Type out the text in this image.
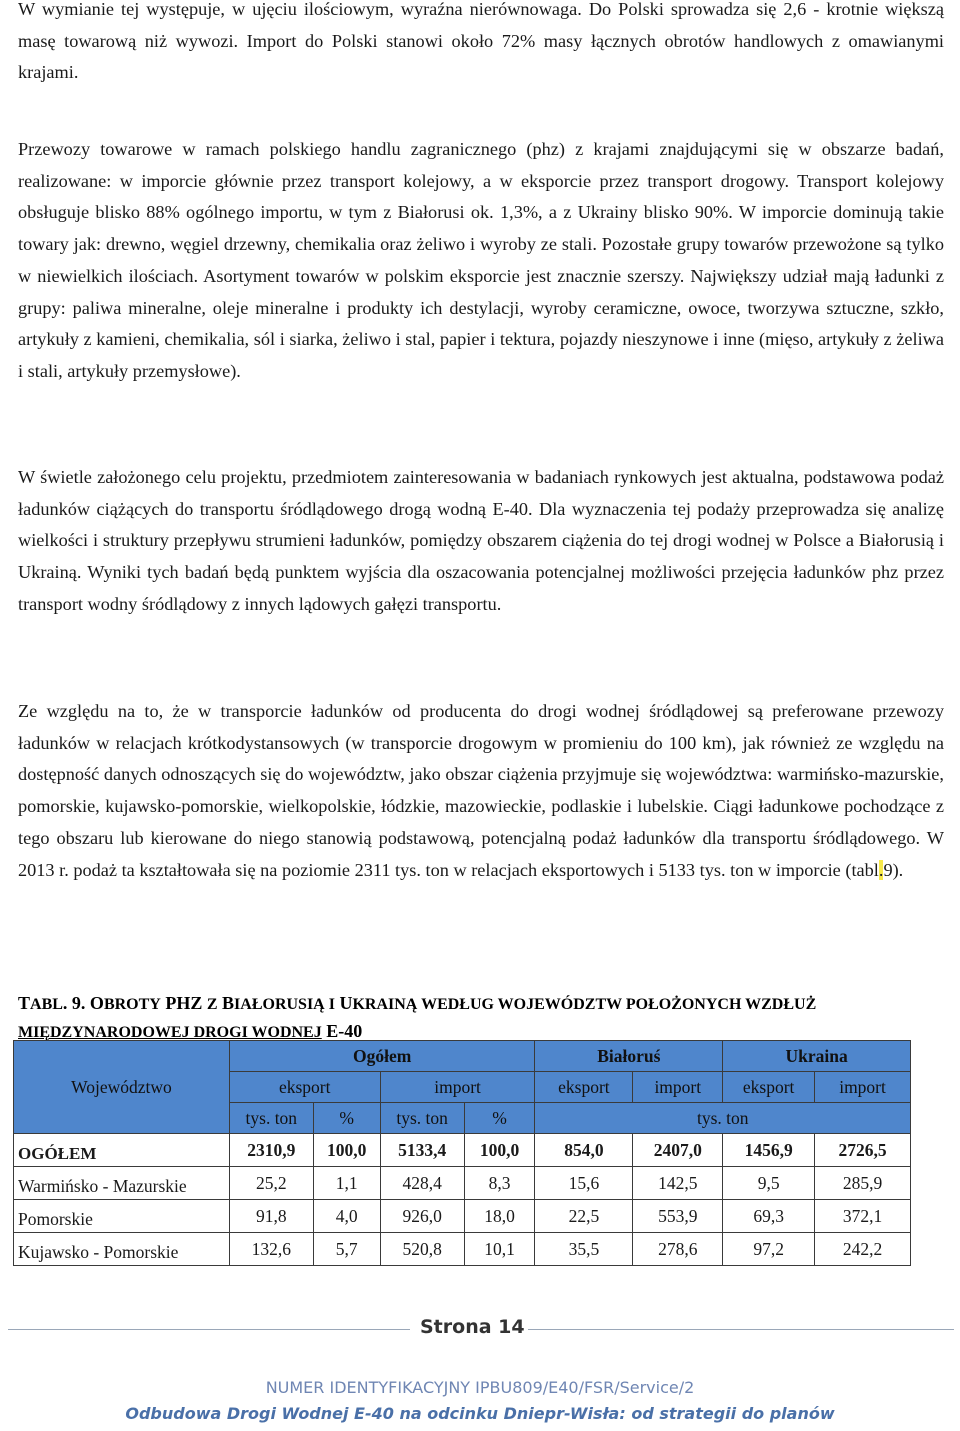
W wymianie tej występuje, w ujęciu ilościowym, wyraźna nierównowaga. Do Polski sprowadza się 2,6 - krotnie większą masę towarową niż wywozi. Import do Polski stanowi około 72% masy łącznych obrotów handlowych z omawianymi krajami.

Przewozy towarowe w ramach polskiego handlu zagranicznego (phz) z krajami znajdującymi się w obszarze badań, realizowane: w imporcie głównie przez transport kolejowy, a w eksporcie przez transport drogowy. Transport kolejowy obsługuje blisko 88% ogólnego importu, w tym z Białorusi ok. 1,3%, a z Ukrainy blisko 90%. W imporcie dominują takie towary jak: drewno, węgiel drzewny, chemikalia oraz żeliwo i wyroby ze stali. Pozostałe grupy towarów przewożone są tylko w niewielkich ilościach. Asortyment towarów w polskim eksporcie jest znacznie szerszy. Największy udział mają ładunki z grupy: paliwa mineralne, oleje mineralne i produkty ich destylacji, wyroby ceramiczne, owoce, tworzywa sztuczne, szkło, artykuły z kamieni, chemikalia, sól i siarka, żeliwo i stal, papier i tektura, pojazdy nieszynowe i inne (mięso, artykuły z żeliwa i stali, artykuły przemysłowe).

W świetle założonego celu projektu, przedmiotem zainteresowania w badaniach rynkowych jest aktualna, podstawowa podaż ładunków ciążących do transportu śródlądowego drogą wodną E-40. Dla wyznaczenia tej podaży przeprowadza się analizę wielkości i struktury przepływu strumieni ładunków, pomiędzy obszarem ciążenia do tej drogi wodnej w Polsce a Białorusią i Ukrainą. Wyniki tych badań będą punktem wyjścia dla oszacowania potencjalnej możliwości przejęcia ładunków phz przez transport wodny śródlądowy z innych lądowych gałęzi transportu.

Ze względu na to, że w transporcie ładunków od producenta do drogi wodnej śródlądowej są preferowane przewozy ładunków w relacjach krótkodystansowych (w transporcie drogowym w promieniu do 100 km), jak również ze względu na dostępność danych odnoszących się do województw, jako obszar ciążenia przyjmuje się województwa: warmińsko-mazurskie, pomorskie, kujawsko-pomorskie, wielkopolskie, łódzkie, mazowieckie, podlaskie i lubelskie. Ciągi ładunkowe pochodzące z tego obszaru lub kierowane do niego stanowią podstawową, potencjalną podaż ładunków dla transportu śródlądowego. W 2013 r. podaż ta kształtowała się na poziomie 2311 tys. ton w relacjach eksportowych i 5133 tys. ton w imporcie (tabl.9).

TABL. 9. OBROTY PHZ Z BIAŁORUSIĄ I UKRAINĄ WEDŁUG WOJEWÓDZTW POŁOŻONYCH WZDŁUŻ
MIĘDZYNARODOWEJ DROGI WODNEJ E-40
Województwo	Ogółem				Białoruś		Ukraina	
	eksport		import		eksport	import	eksport	import
	tys. ton	%	tys. ton	%	tys. ton			
OGÓŁEM	2310,9	100,0	5133,4	100,0	854,0	2407,0	1456,9	2726,5
Warmińsko - Mazurskie	25,2	1,1	428,4	8,3	15,6	142,5	9,5	285,9
Pomorskie	91,8	4,0	926,0	18,0	22,5	553,9	69,3	372,1
Kujawsko - Pomorskie	132,6	5,7	520,8	10,1	35,5	278,6	97,2	242,2
Strona 14
NUMER IDENTYFIKACYJNY IPBU809/E40/FSR/Service/2
Odbudowa Drogi Wodnej E-40 na odcinku Dniepr-Wisła: od strategii do planów
